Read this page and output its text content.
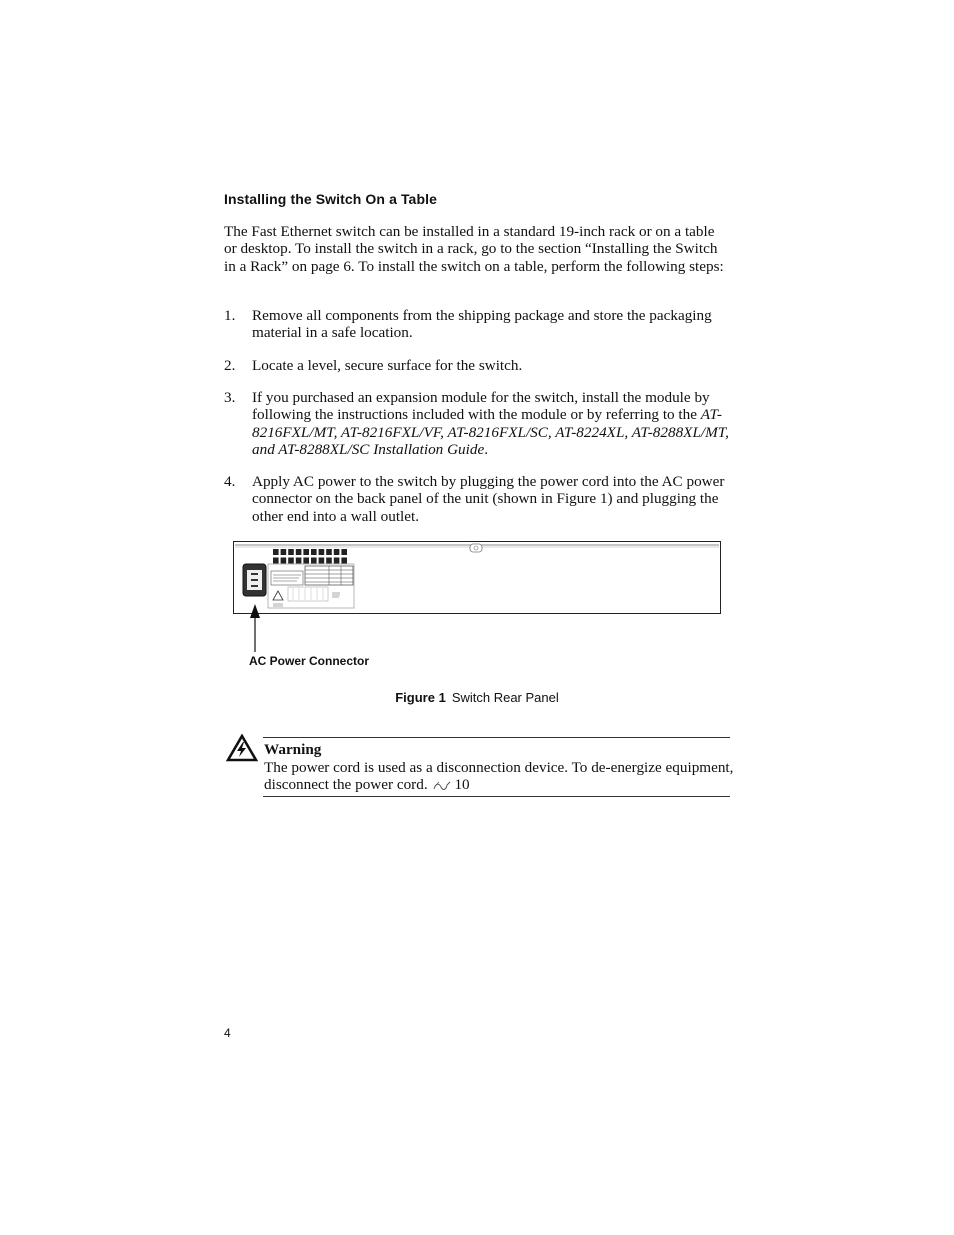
Installing the Switch On a Table
The Fast Ethernet switch can be installed in a standard 19-inch rack or on a table or desktop. To install the switch in a rack, go to the section “Installing the Switch in a Rack” on page 6. To install the switch on a table, perform the following steps:
1. Remove all components from the shipping package and store the packaging material in a safe location.
2. Locate a level, secure surface for the switch.
3. If you purchased an expansion module for the switch, install the module by following the instructions included with the module or by referring to the AT-8216FXL/MT, AT-8216FXL/VF, AT-8216FXL/SC, AT-8224XL, AT-8288XL/MT, and AT-8288XL/SC Installation Guide.
4. Apply AC power to the switch by plugging the power cord into the AC power connector on the back panel of the unit (shown in Figure 1) and plugging the other end into a wall outlet.
AC Power Connector
Figure 1 Switch Rear Panel
Warning
The power cord is used as a disconnection device. To de-energize equipment, disconnect the power cord. 10
4
